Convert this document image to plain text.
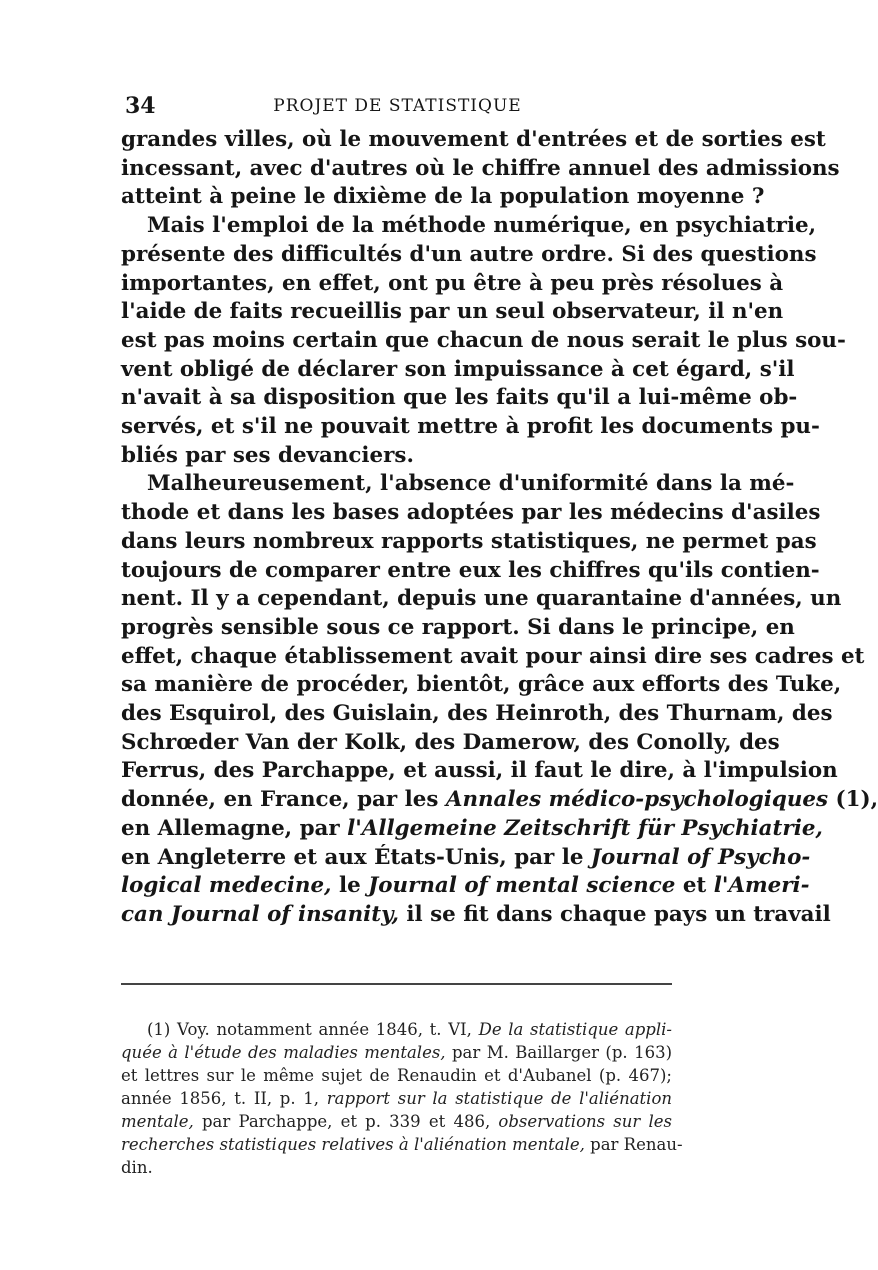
34	PROJET DE STATISTIQUE
grandes villes, où le mouvement d'entrées et de sorties est
incessant, avec d'autres où le chiffre annuel des admissions
atteint à peine le dixième de la population moyenne ?
Mais l'emploi de la méthode numérique, en psychiatrie,
présente des difficultés d'un autre ordre. Si des questions
importantes, en effet, ont pu être à peu près résolues à
l'aide de faits recueillis par un seul observateur, il n'en
est pas moins certain que chacun de nous serait le plus sou-
vent obligé de déclarer son impuissance à cet égard, s'il
n'avait à sa disposition que les faits qu'il a lui-même ob-
servés, et s'il ne pouvait mettre à profit les documents pu-
bliés par ses devanciers.
Malheureusement, l'absence d'uniformité dans la mé-
thode et dans les bases adoptées par les médecins d'asiles
dans leurs nombreux rapports statistiques, ne permet pas
toujours de comparer entre eux les chiffres qu'ils contien-
nent. Il y a cependant, depuis une quarantaine d'années, un
progrès sensible sous ce rapport. Si dans le principe, en
effet, chaque établissement avait pour ainsi dire ses cadres et
sa manière de procéder, bientôt, grâce aux efforts des Tuke,
des Esquirol, des Guislain, des Heinroth, des Thurnam, des
Schrœder Van der Kolk, des Damerow, des Conolly, des
Ferrus, des Parchappe, et aussi, il faut le dire, à l'impulsion
donnée, en France, par les Annales médico-psychologiques (1),
en Allemagne, par l'Allgemeine Zeitschrift für Psychiatrie,
en Angleterre et aux États-Unis, par le Journal of Psycho-
logical medecine, le Journal of mental science et l'Ameri-
can Journal of insanity, il se fit dans chaque pays un travail
(1) Voy. notamment année 1846, t. VI, De la statistique appli-
quée à l'étude des maladies mentales, par M. Baillarger (p. 163)
et lettres sur le même sujet de Renaudin et d'Aubanel (p. 467);
année 1856, t. II, p. 1, rapport sur la statistique de l'aliénation
mentale, par Parchappe, et p. 339 et 486, observations sur les
recherches statistiques relatives à l'aliénation mentale, par Renau-
din.
